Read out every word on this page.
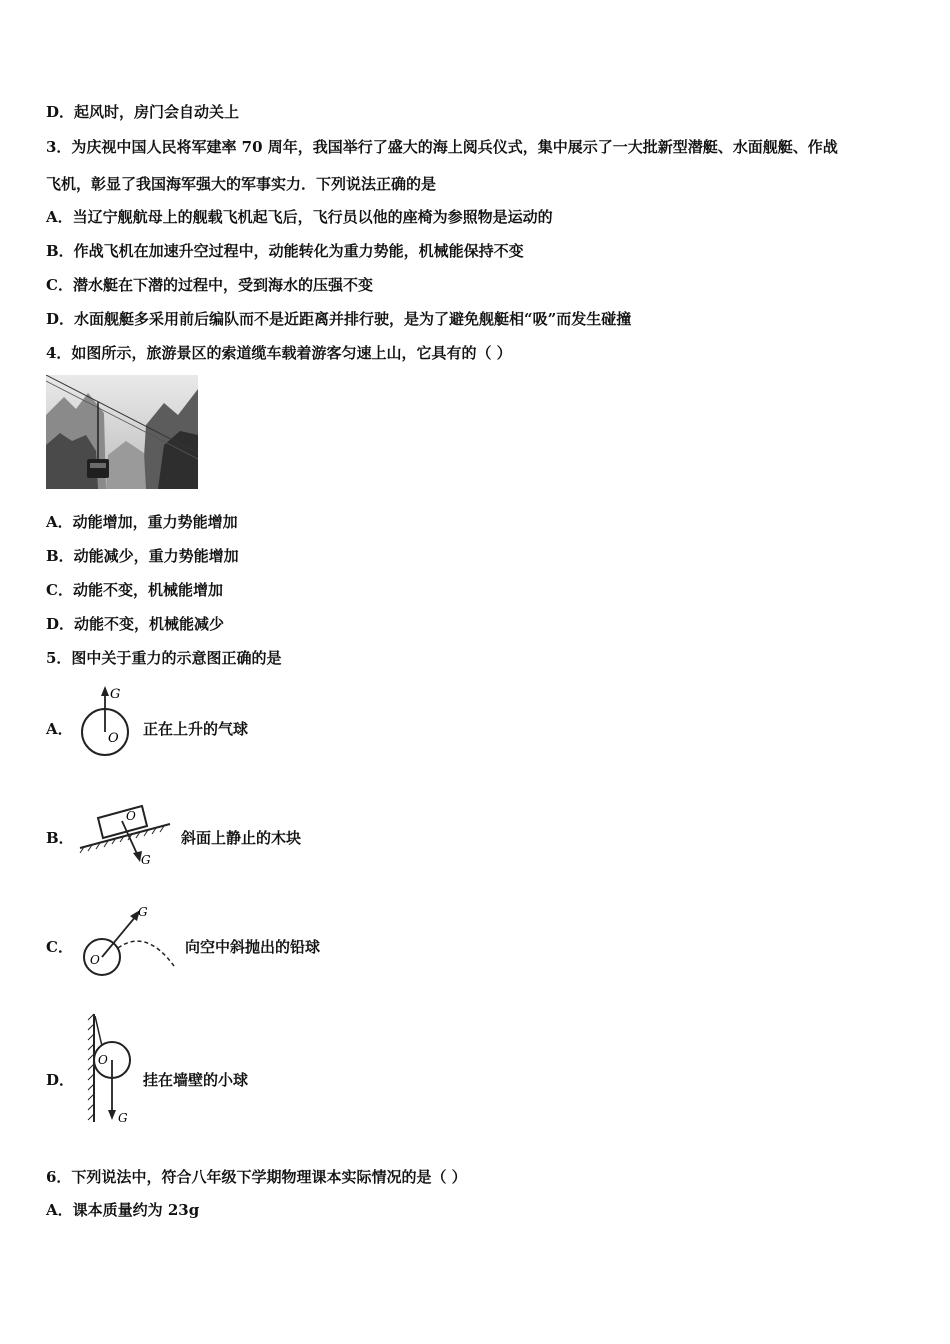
D．起风时，房门会自动关上
3．为庆视中国人民将军建率 70 周年，我国举行了盛大的海上阅兵仪式，集中展示了一大批新型潜艇、水面舰艇、作战
飞机，彰显了我国海军强大的军事实力．下列说法正确的是
A．当辽宁舰航母上的舰载飞机起飞后，飞行员以他的座椅为参照物是运动的
B．作战飞机在加速升空过程中，动能转化为重力势能，机械能保持不变
C．潜水艇在下潜的过程中，受到海水的压强不变
D．水面舰艇多采用前后编队而不是近距离并排行驶，是为了避免舰艇相“吸”而发生碰撞
4．如图所示，旅游景区的索道缆车载着游客匀速上山，它具有的（ ）
A．动能增加，重力势能增加
B．动能减少，重力势能增加
C．动能不变，机械能增加
D．动能不变，机械能减少
5．图中关于重力的示意图正确的是
A．
G
O
正在上升的气球
B．
O
G
斜面上静止的木块
C．
G
O
向空中斜抛出的铅球
D．
O
G
挂在墙壁的小球
6．下列说法中，符合八年级下学期物理课本实际情况的是（ ）
A．课本质量约为 23g
